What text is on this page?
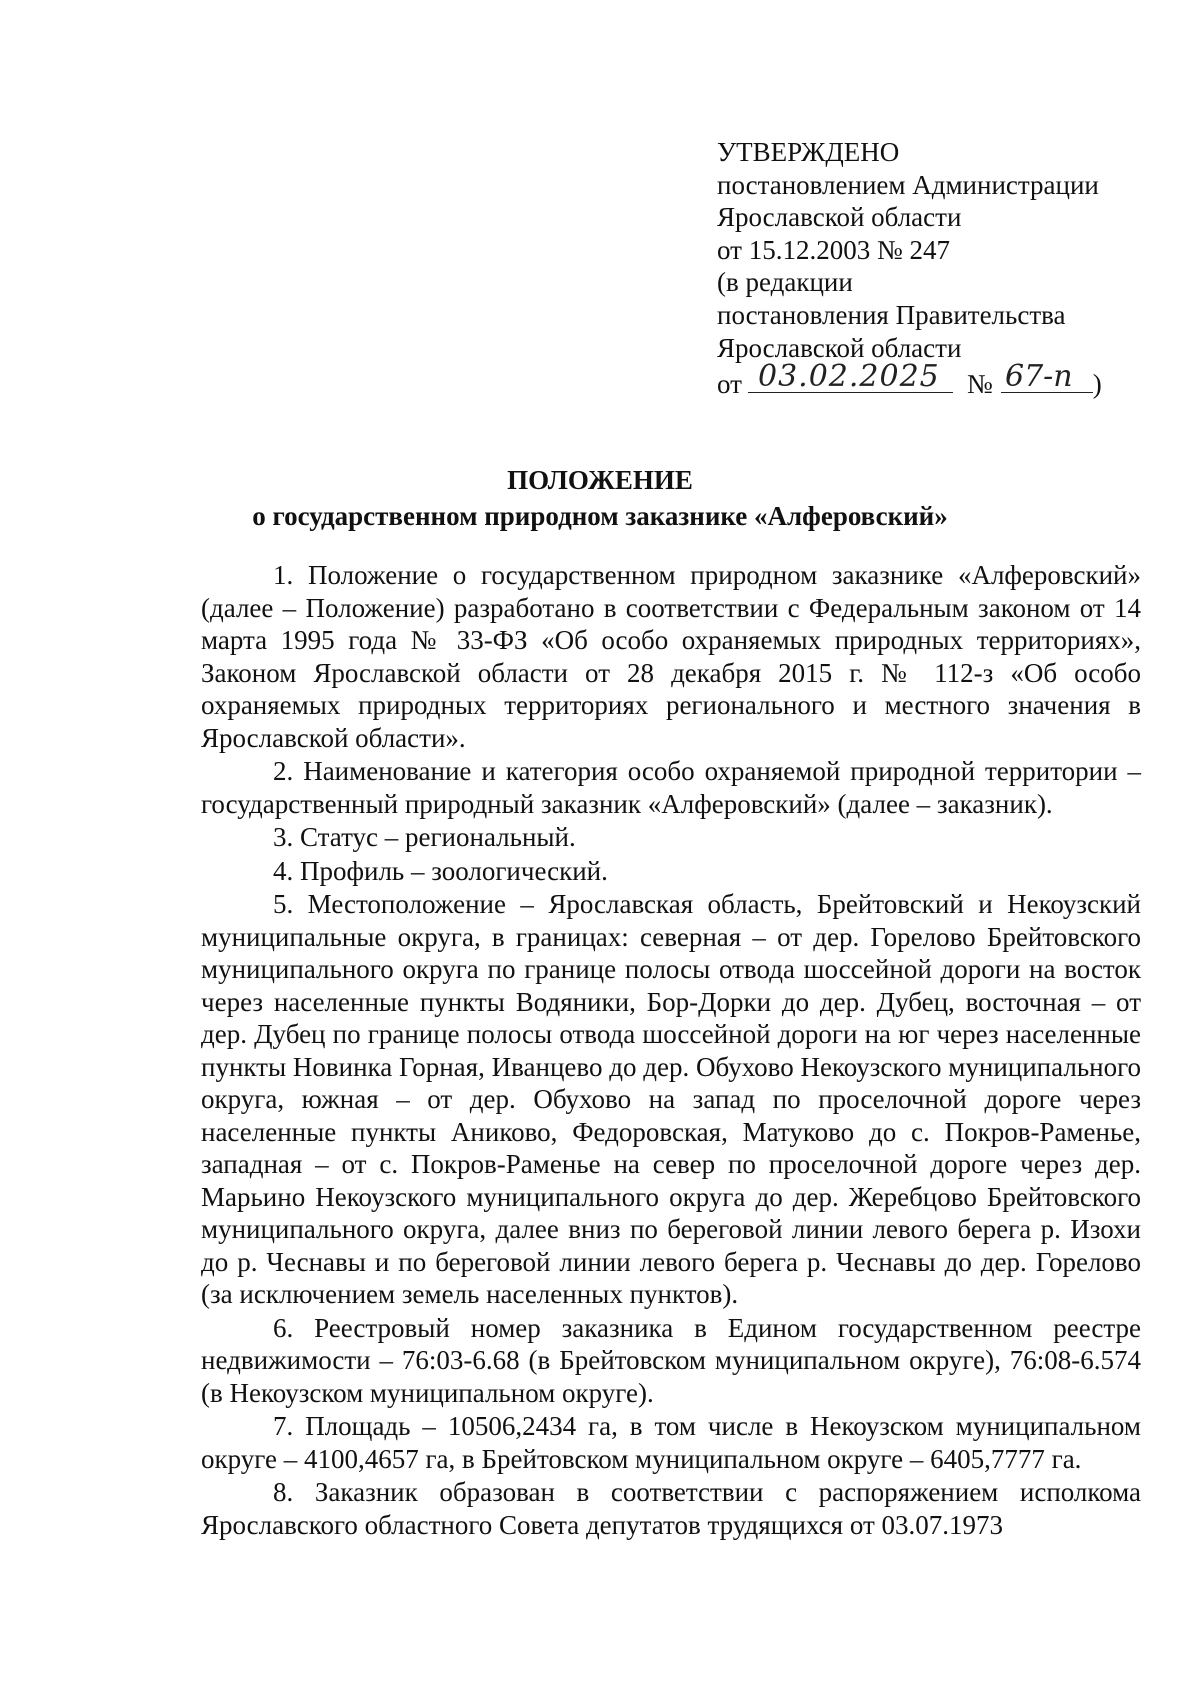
УТВЕРЖДЕНО
постановлением Администрации
Ярославской области
от 15.12.2003 № 247
(в редакции
постановления Правительства
Ярославской области
от 03.02.2025 № 67-п )
ПОЛОЖЕНИЕ
о государственном природном заказнике «Алферовский»

1. Положение о государственном природном заказнике «Алферовский» (далее – Положение) разработано в соответствии с Федеральным законом от 14 марта 1995 года № 33-ФЗ «Об особо охраняемых природных территориях», Законом Ярославской области от 28 декабря 2015 г. № 112-з «Об особо охраняемых природных территориях регионального и местного значения в Ярославской области».

2. Наименование и категория особо охраняемой природной территории – государственный природный заказник «Алферовский» (далее – заказник).

3. Статус – региональный.

4. Профиль – зоологический.

5. Местоположение – Ярославская область, Брейтовский и Некоузский муниципальные округа, в границах: северная – от дер. Горелово Брейтовского муниципального округа по границе полосы отвода шоссейной дороги на восток через населенные пункты Водяники, Бор-Дорки до дер. Дубец, восточная – от дер. Дубец по границе полосы отвода шоссейной дороги на юг через населенные пункты Новинка Горная, Иванцево до дер. Обухово Некоузского муниципального округа, южная – от дер. Обухово на запад по проселочной дороге через населенные пункты Аниково, Федоровская, Матуково до с. Покров-Раменье, западная – от с. Покров-Раменье на север по проселочной дороге через дер. Марьино Некоузского муниципального округа до дер. Жеребцово Брейтовского муниципального округа, далее вниз по береговой линии левого берега р. Изохи до р. Чеснавы и по береговой линии левого берега р. Чеснавы до дер. Горелово (за исключением земель населенных пунктов).

6. Реестровый номер заказника в Едином государственном реестре недвижимости – 76:03-6.68 (в Брейтовском муниципальном округе), 76:08-6.574 (в Некоузском муниципальном округе).

7. Площадь – 10506,2434 га, в том числе в Некоузском муниципальном округе – 4100,4657 га, в Брейтовском муниципальном округе – 6405,7777 га.

8. Заказник образован в соответствии с распоряжением исполкома Ярославского областного Совета депутатов трудящихся от 03.07.1973
